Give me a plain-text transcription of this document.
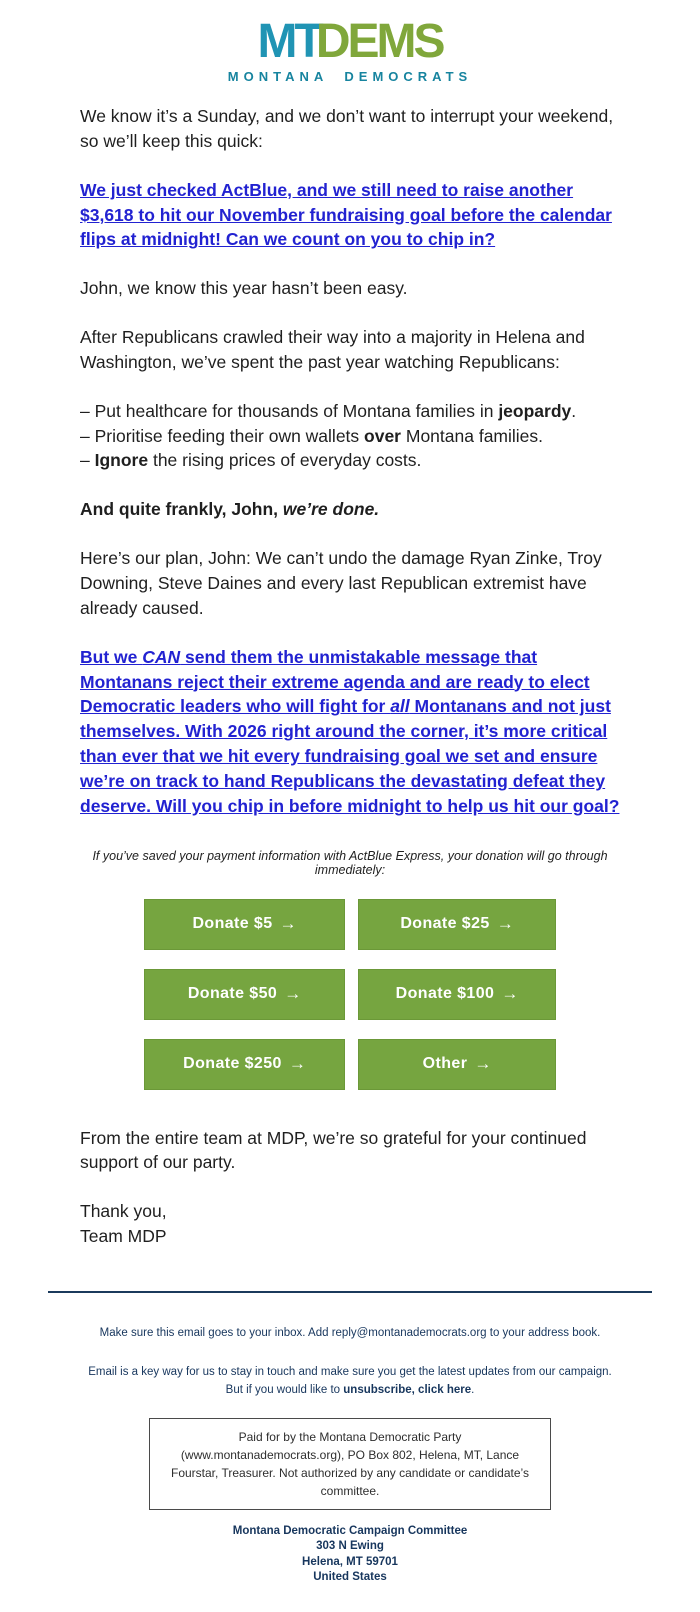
MTDEMS
MONTANA DEMOCRATS

We know it’s a Sunday, and we don’t want to interrupt your weekend, so we’ll keep this quick:

We just checked ActBlue, and we still need to raise another $3,618 to hit our November fundraising goal before the calendar flips at midnight! Can we count on you to chip in?

John, we know this year hasn’t been easy.

After Republicans crawled their way into a majority in Helena and Washington, we’ve spent the past year watching Republicans:

– Put healthcare for thousands of Montana families in jeopardy.
– Prioritise feeding their own wallets over Montana families.
– Ignore the rising prices of everyday costs.

And quite frankly, John, we’re done.

Here’s our plan, John: We can’t undo the damage Ryan Zinke, Troy Downing, Steve Daines and every last Republican extremist have already caused.

But we CAN send them the unmistakable message that Montanans reject their extreme agenda and are ready to elect Democratic leaders who will fight for all Montanans and not just themselves. With 2026 right around the corner, it’s more critical than ever that we hit every fundraising goal we set and ensure we’re on track to hand Republicans the devastating defeat they deserve. Will you chip in before midnight to help us hit our goal?

If you’ve saved your payment information with ActBlue Express, your donation will go through immediately:
Donate $5 →	Donate $25 →
Donate $50 →	Donate $100 →
Donate $250 →	Other →

From the entire team at MDP, we’re so grateful for your continued support of our party.

Thank you,
Team MDP
Make sure this email goes to your inbox. Add reply@montanademocrats.org to your address book.
Email is a key way for us to stay in touch and make sure you get the latest updates from our campaign.
But if you would like to unsubscribe, click here.
Paid for by the Montana Democratic Party (www.montanademocrats.org), PO Box 802, Helena, MT, Lance Fourstar, Treasurer. Not authorized by any candidate or candidate’s committee.
Montana Democratic Campaign Committee
303 N Ewing
Helena, MT 59701
United States
